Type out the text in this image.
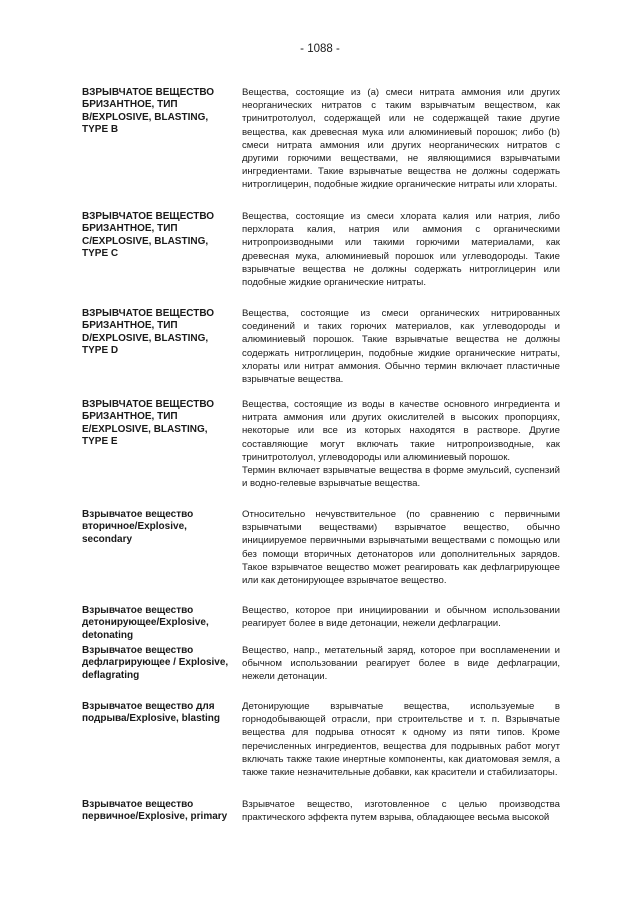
- 1088 -
ВЗРЫВЧАТОЕ ВЕЩЕСТВО БРИЗАНТНОЕ, ТИП В/EXPLOSIVE, BLASTING, TYPE B

Вещества, состоящие из (a) смеси нитрата аммония или других неорганических нитратов с таким взрывчатым веществом, как тринитротолуол, содержащей или не содержащей такие другие вещества, как древесная мука или алюминиевый порошок; либо (b) смеси нитрата аммония или других неорганических нитратов с другими горючими веществами, не являющимися взрывчатыми ингредиентами. Такие взрывчатые вещества не должны содержать нитроглицерин, подобные жидкие органические нитраты или хлораты.

ВЗРЫВЧАТОЕ ВЕЩЕСТВО БРИЗАНТНОЕ, ТИП C/EXPLOSIVE, BLASTING, TYPE C

Вещества, состоящие из смеси хлората калия или натрия, либо перхлората калия, натрия или аммония с органическими нитропроизводными или такими горючими материалами, как древесная мука, алюминиевый порошок или углеводороды. Такие взрывчатые вещества не должны содержать нитроглицерин или подобные жидкие органические нитраты.

ВЗРЫВЧАТОЕ ВЕЩЕСТВО БРИЗАНТНОЕ, ТИП D/EXPLOSIVE, BLASTING, TYPE D

Вещества, состоящие из смеси органических нитрированных соединений и таких горючих материалов, как углеводороды и алюминиевый порошок. Такие взрывчатые вещества не должны содержать нитроглицерин, подобные жидкие органические нитраты, хлораты или нитрат аммония. Обычно термин включает пластичные взрывчатые вещества.

ВЗРЫВЧАТОЕ ВЕЩЕСТВО БРИЗАНТНОЕ, ТИП E/EXPLOSIVE, BLASTING, TYPE E

Вещества, состоящие из воды в качестве основного ингредиента и нитрата аммония или других окислителей в высоких пропорциях, некоторые или все из которых находятся в растворе. Другие составляющие могут включать такие нитропроизводные, как тринитротолуол, углеводороды или алюминиевый порошок.

Термин включает взрывчатые вещества в форме эмульсий, суспензий и водно-гелевые взрывчатые вещества.

Взрывчатое вещество вторичное/Explosive, secondary

Относительно нечувствительное (по сравнению с первичными взрывчатыми веществами) взрывчатое вещество, обычно инициируемое первичными взрывчатыми веществами с помощью или без помощи вторичных детонаторов или дополнительных зарядов. Такое взрывчатое вещество может реагировать как дефлагрирующее или как детонирующее взрывчатое вещество.

Взрывчатое вещество детонирующее/Explosive, detonating

Вещество, которое при инициировании и обычном использовании реагирует более в виде детонации, нежели дефлаграции.

Взрывчатое вещество дефлагрирующее / Explosive, deflagrating

Вещество, напр., метательный заряд, которое при воспламенении и обычном использовании реагирует более в виде дефлаграции, нежели детонации.

Взрывчатое вещество для подрыва/Explosive, blasting

Детонирующие взрывчатые вещества, используемые в горнодобывающей отрасли, при строительстве и т. п. Взрывчатые вещества для подрыва относят к одному из пяти типов. Кроме перечисленных ингредиентов, вещества для подрывных работ могут включать также такие инертные компоненты, как диатомовая земля, а также такие незначительные добавки, как красители и стабилизаторы.

Взрывчатое вещество первичное/Explosive, primary

Взрывчатое вещество, изготовленное с целью производства практического эффекта путем взрыва, обладающее весьма высокой
